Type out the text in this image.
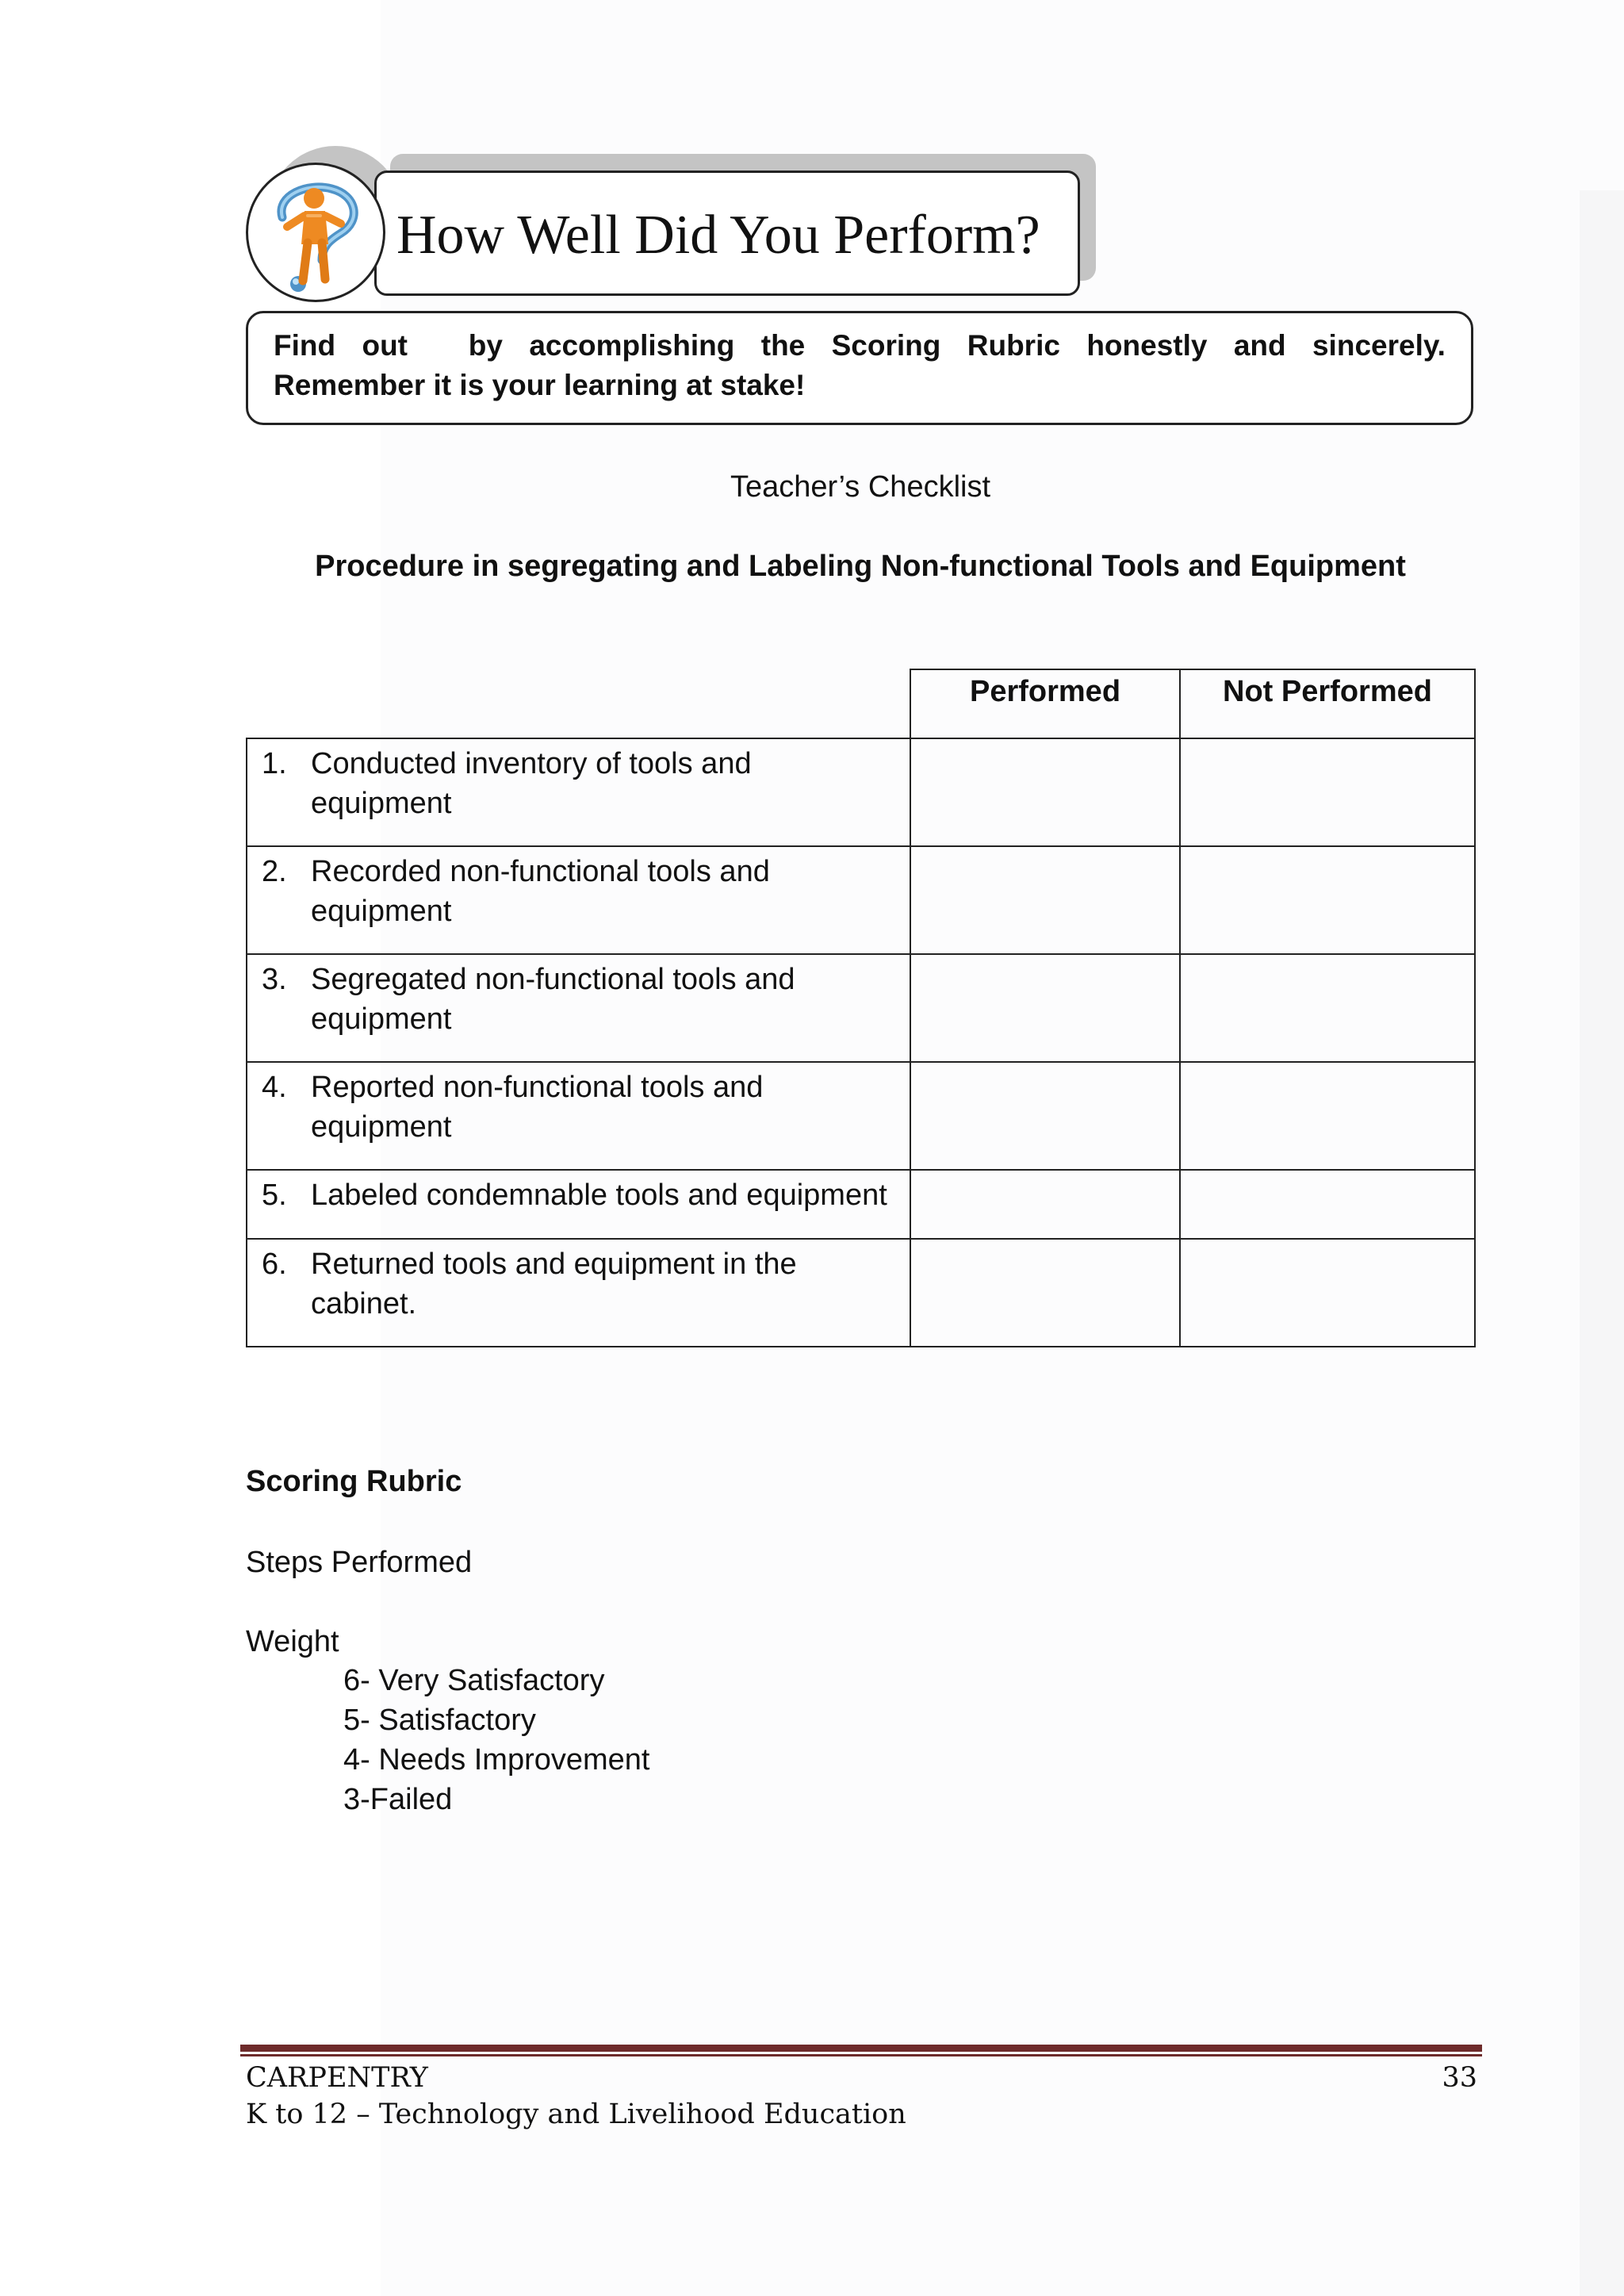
How Well Did You Perform?
Find out by accomplishing the Scoring Rubric honestly and sincerely.
Remember it is your learning at stake!
Teacher’s Checklist
Procedure in segregating and Labeling Non-functional Tools and Equipment
	Performed	Not Performed

1. Conducted inventory of tools and equipment		

2. Recorded non-functional tools and equipment		

3. Segregated non-functional tools and equipment		

4. Reported non-functional tools and equipment		

5. Labeled condemnable tools and equipment		

6. Returned tools and equipment in the cabinet.		

Scoring Rubric
Steps Performed
Weight
6- Very Satisfactory
5- Satisfactory
4- Needs Improvement
3-Failed
CARPENTRY	33
K to 12 – Technology and Livelihood Education
